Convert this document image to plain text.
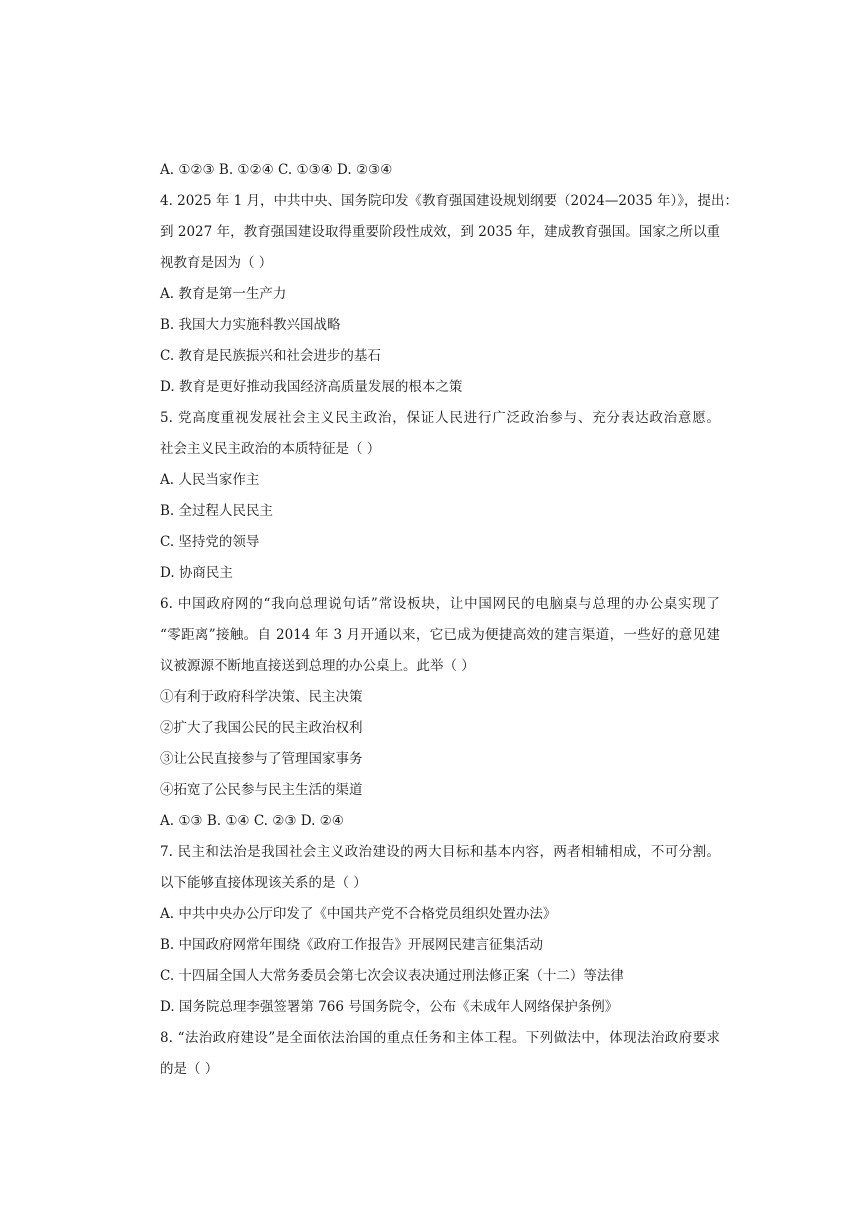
A. ①②③ B. ①②④ C. ①③④ D. ②③④
4. 2025 年 1 月，中共中央、国务院印发《教育强国建设规划纲要（2024—2035 年）》，提出：
到 2027 年，教育强国建设取得重要阶段性成效，到 2035 年，建成教育强国。国家之所以重
视教育是因为（ ）
A. 教育是第一生产力
B. 我国大力实施科教兴国战略
C. 教育是民族振兴和社会进步的基石
D. 教育是更好推动我国经济高质量发展的根本之策
5. 党高度重视发展社会主义民主政治，保证人民进行广泛政治参与、充分表达政治意愿。
社会主义民主政治的本质特征是（ ）
A. 人民当家作主
B. 全过程人民民主
C. 坚持党的领导
D. 协商民主
6. 中国政府网的“我向总理说句话”常设板块，让中国网民的电脑桌与总理的办公桌实现了
“零距离”接触。自 2014 年 3 月开通以来，它已成为便捷高效的建言渠道，一些好的意见建
议被源源不断地直接送到总理的办公桌上。此举（ ）
①有利于政府科学决策、民主决策
②扩大了我国公民的民主政治权利
③让公民直接参与了管理国家事务
④拓宽了公民参与民主生活的渠道
A. ①③ B. ①④ C. ②③ D. ②④
7. 民主和法治是我国社会主义政治建设的两大目标和基本内容，两者相辅相成，不可分割。
以下能够直接体现该关系的是（ ）
A. 中共中央办公厅印发了《中国共产党不合格党员组织处置办法》
B. 中国政府网常年围绕《政府工作报告》开展网民建言征集活动
C. 十四届全国人大常务委员会第七次会议表决通过刑法修正案（十二）等法律
D. 国务院总理李强签署第 766 号国务院令，公布《未成年人网络保护条例》
8. “法治政府建设”是全面依法治国的重点任务和主体工程。下列做法中，体现法治政府要求
的是（ ）
